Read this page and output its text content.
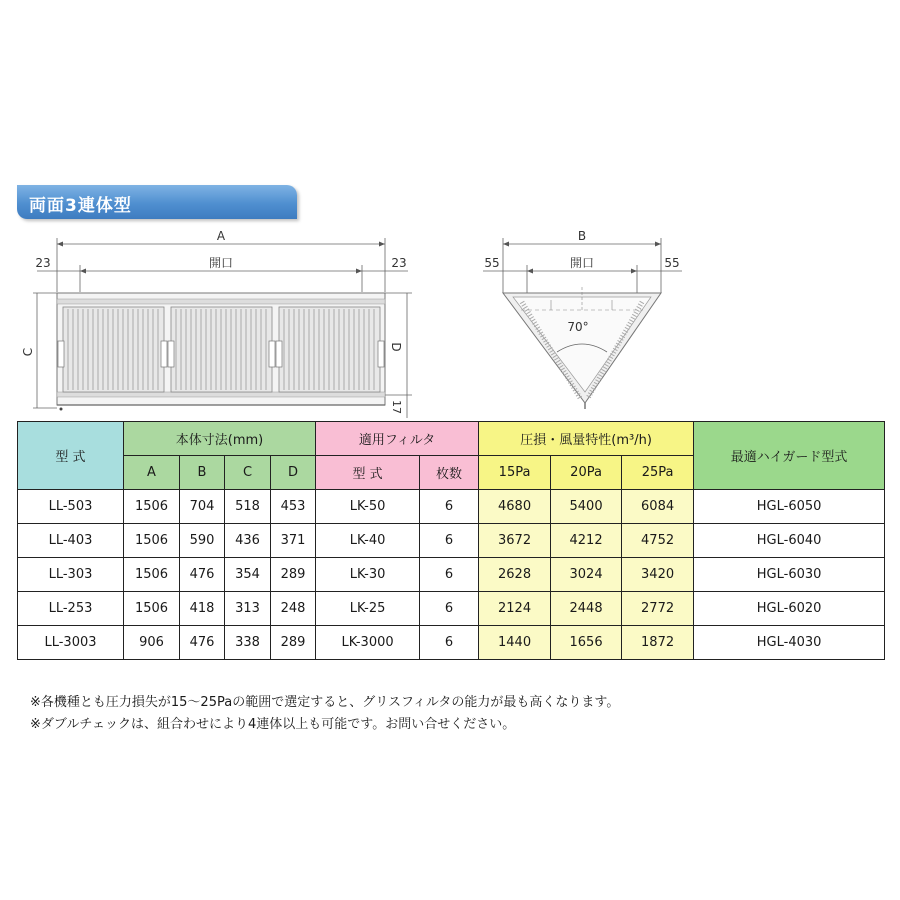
両面3連体型
A
開口
23	23
C
D
17
B
開口
55	55
70°
型 式	本体寸法(mm)				適用フィルタ		圧損・風量特性(m³/h)			最適ハイガード型式
	A	B	C	D	型 式	枚数	15Pa	20Pa	25Pa	
LL-503	1506	704	518	453	LK-50	6	4680	5400	6084	HGL-6050
LL-403	1506	590	436	371	LK-40	6	3672	4212	4752	HGL-6040
LL-303	1506	476	354	289	LK-30	6	2628	3024	3420	HGL-6030
LL-253	1506	418	313	248	LK-25	6	2124	2448	2772	HGL-6020
LL-3003	906	476	338	289	LK-3000	6	1440	1656	1872	HGL-4030
※各機種とも圧力損失が15～25Paの範囲で選定すると、グリスフィルタの能力が最も高くなります。
※ダブルチェックは、組合わせにより4連体以上も可能です。お問い合せください。
